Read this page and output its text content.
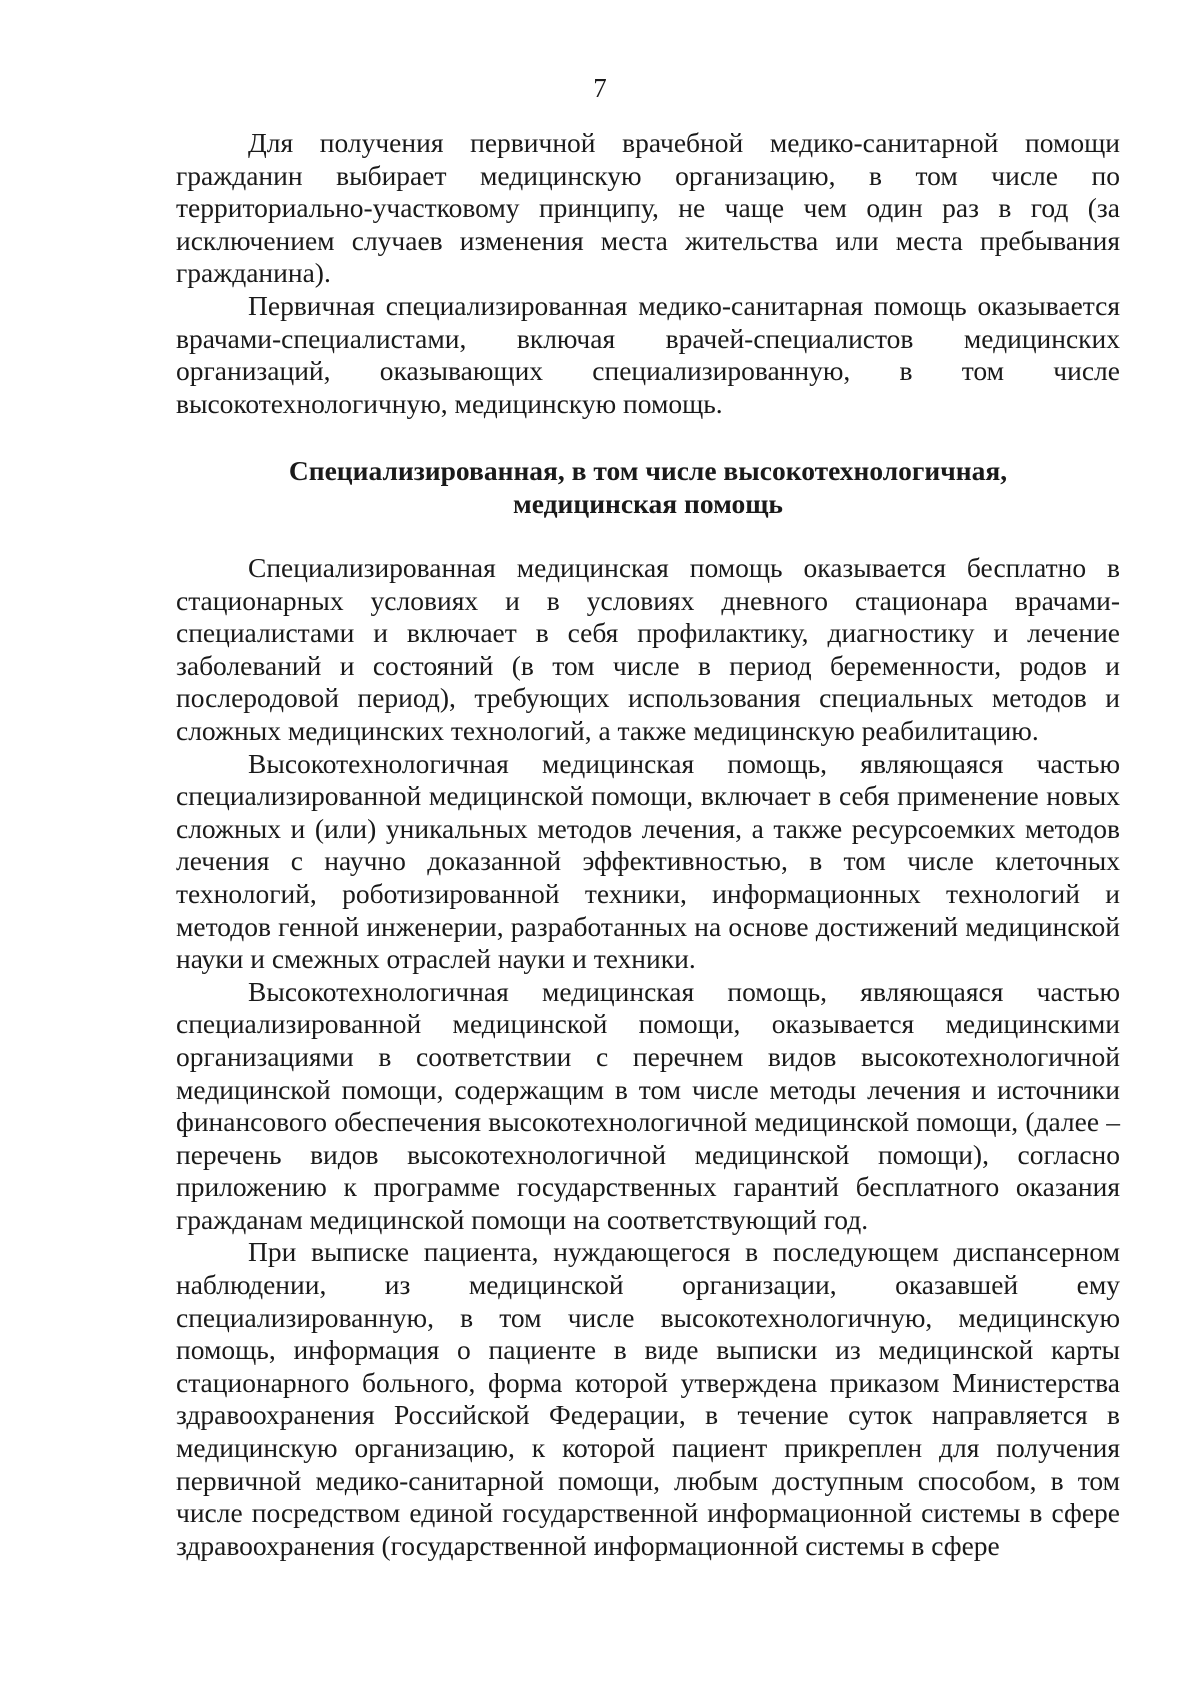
7

Для получения первичной врачебной медико-санитарной помощи гражданин выбирает медицинскую организацию, в том числе по территориально-участковому принципу, не чаще чем один раз в год (за исключением случаев изменения места жительства или места пребывания гражданина).

Первичная специализированная медико-санитарная помощь оказывается врачами-специалистами, включая врачей-специалистов медицинских организаций, оказывающих специализированную, в том числе высокотехнологичную, медицинскую помощь.

Специализированная, в том числе высокотехнологичная,
медицинская помощь

Специализированная медицинская помощь оказывается бесплатно в стационарных условиях и в условиях дневного стационара врачами-специалистами и включает в себя профилактику, диагностику и лечение заболеваний и состояний (в том числе в период беременности, родов и послеродовой период), требующих использования специальных методов и сложных медицинских технологий, а также медицинскую реабилитацию.

Высокотехнологичная медицинская помощь, являющаяся частью специализированной медицинской помощи, включает в себя применение новых сложных и (или) уникальных методов лечения, а также ресурсоемких методов лечения с научно доказанной эффективностью, в том числе клеточных технологий, роботизированной техники, информационных технологий и методов генной инженерии, разработанных на основе достижений медицинской науки и смежных отраслей науки и техники.

Высокотехнологичная медицинская помощь, являющаяся частью специализированной медицинской помощи, оказывается медицинскими организациями в соответствии с перечнем видов высокотехнологичной медицинской помощи, содержащим в том числе методы лечения и источники финансового обеспечения высокотехнологичной медицинской помощи, (далее – перечень видов высокотехнологичной медицинской помощи), согласно приложению к программе государственных гарантий бесплатного оказания гражданам медицинской помощи на соответствующий год.

При выписке пациента, нуждающегося в последующем диспансерном наблюдении, из медицинской организации, оказавшей ему специализированную, в том числе высокотехнологичную, медицинскую помощь, информация о пациенте в виде выписки из медицинской карты стационарного больного, форма которой утверждена приказом Министерства здравоохранения Российской Федерации, в течение суток направляется в медицинскую организацию, к которой пациент прикреплен для получения первичной медико-санитарной помощи, любым доступным способом, в том числе посредством единой государственной информационной системы в сфере здравоохранения (государственной информационной системы в сфере
